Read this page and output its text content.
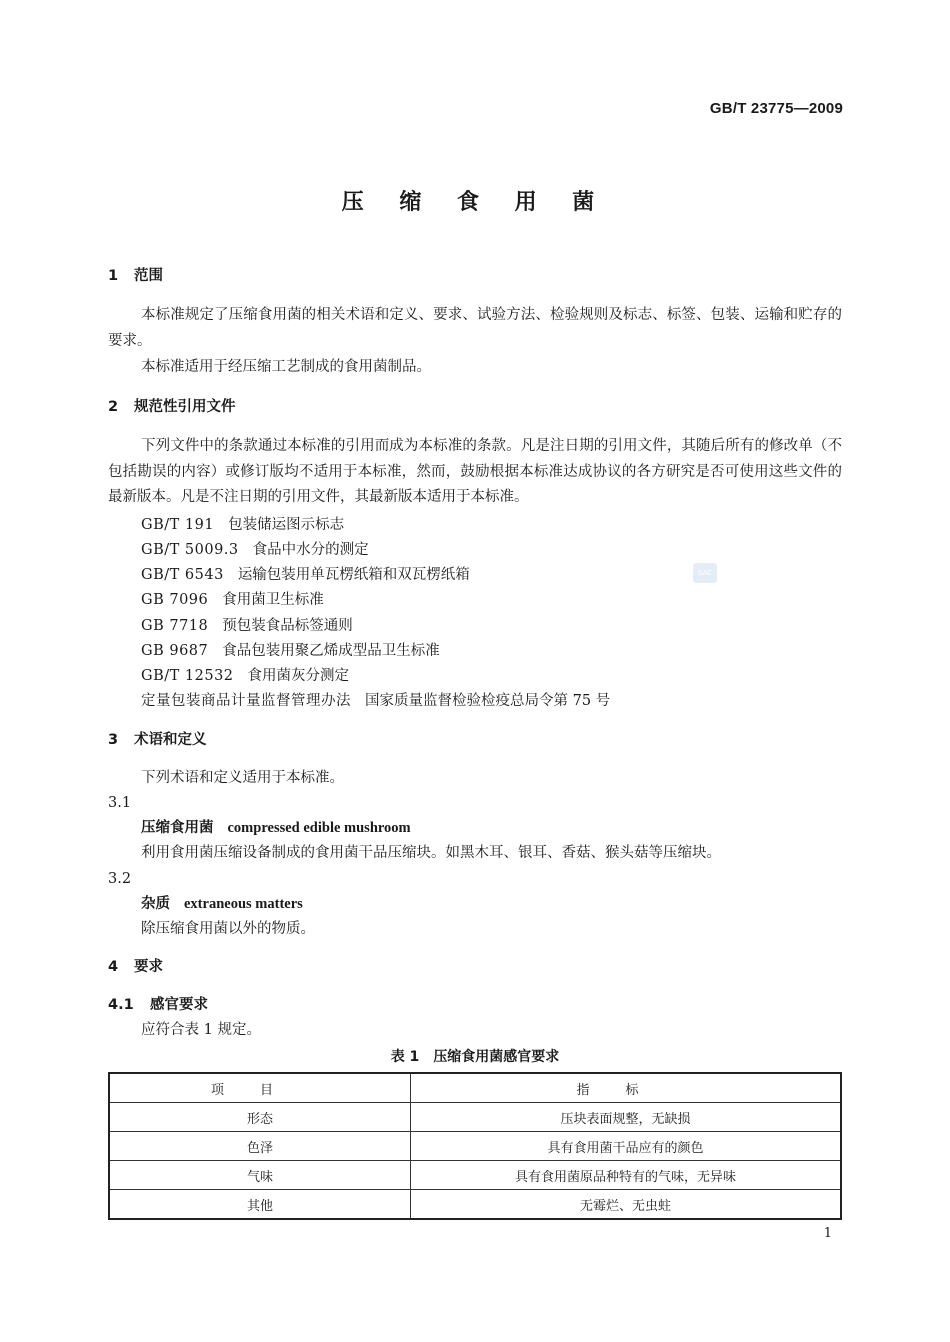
GB/T 23775—2009
压 缩 食 用 菌
1 范围
本标准规定了压缩食用菌的相关术语和定义、要求、试验方法、检验规则及标志、标签、包装、运输和贮存的要求。
本标准适用于经压缩工艺制成的食用菌制品。
2 规范性引用文件
下列文件中的条款通过本标准的引用而成为本标准的条款。凡是注日期的引用文件，其随后所有的修改单（不包括勘误的内容）或修订版均不适用于本标准，然而，鼓励根据本标准达成协议的各方研究是否可使用这些文件的最新版本。凡是不注日期的引用文件，其最新版本适用于本标准。
GB/T 191 包装储运图示标志
GB/T 5009.3 食品中水分的测定
GB/T 6543 运输包装用单瓦楞纸箱和双瓦楞纸箱
GB 7096 食用菌卫生标准
GB 7718 预包装食品标签通则
GB 9687 食品包装用聚乙烯成型品卫生标准
GB/T 12532 食用菌灰分测定
定量包装商品计量监督管理办法 国家质量监督检验检疫总局令第 75 号
SAC
3 术语和定义
下列术语和定义适用于本标准。
3.1
压缩食用菌 compressed edible mushroom
利用食用菌压缩设备制成的食用菌干品压缩块。如黑木耳、银耳、香菇、猴头菇等压缩块。
3.2
杂质 extraneous matters
除压缩食用菌以外的物质。
4 要求
4.1 感官要求
应符合表 1 规定。
表 1 压缩食用菌感官要求
项目	指标
形态	压块表面规整，无缺损
色泽	具有食用菌干品应有的颜色
气味	具有食用菌原品种特有的气味，无异味
其他	无霉烂、无虫蛀
1
